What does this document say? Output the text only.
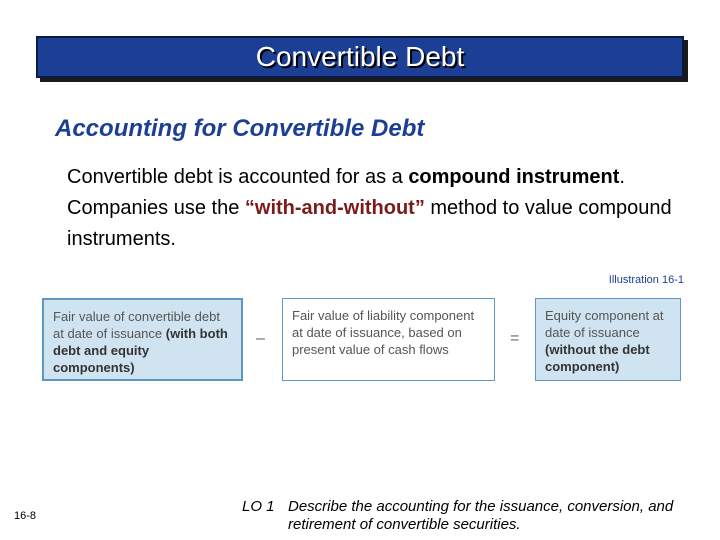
Convertible Debt
Accounting for Convertible Debt
Convertible debt is accounted for as a compound instrument. Companies use the “with-and-without” method to value compound instruments.
Illustration 16-1
Fair value of convertible debt at date of issuance (with both debt and equity components)
–
Fair value of liability component at date of issuance, based on present value of cash flows
=
Equity component at date of issuance (without the debt component)
16-8
LO 1 Describe the accounting for the issuance, conversion, and retirement of convertible securities.
